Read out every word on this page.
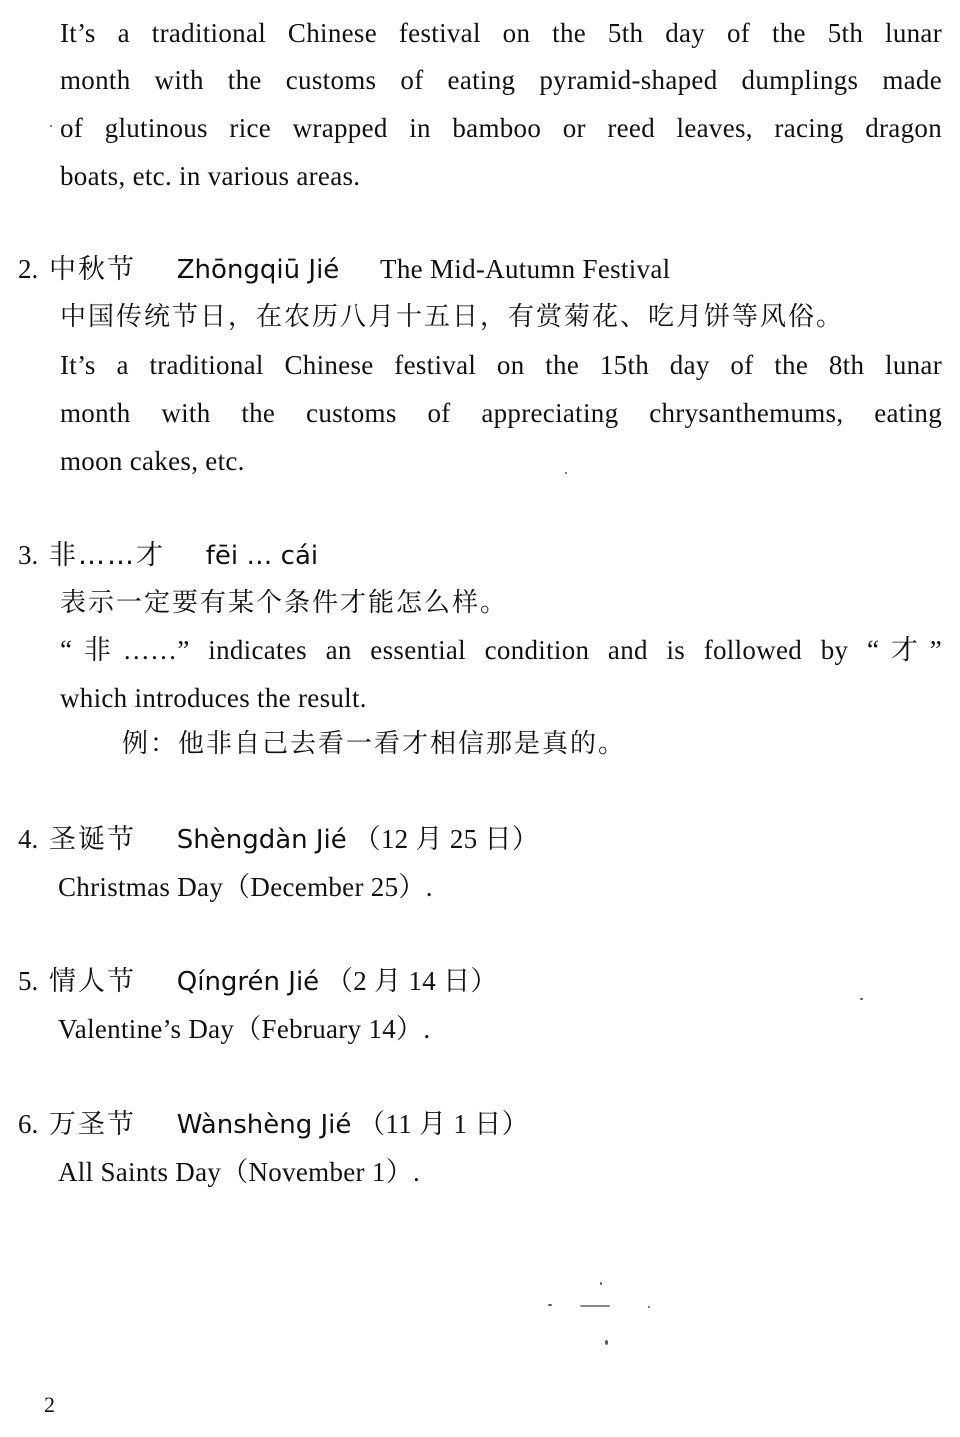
It’s a traditional Chinese festival on the 5th day of the 5th lunar
month with the customs of eating pyramid-shaped dumplings made
of glutinous rice wrapped in bamboo or reed leaves, racing dragon
boats, etc. in various areas.
2. 中秋节 Zhōngqiū Jié The Mid-Autumn Festival
中国传统节日，在农历八月十五日，有赏菊花、吃月饼等风俗。
It’s a traditional Chinese festival on the 15th day of the 8th lunar
month with the customs of appreciating chrysanthemums, eating
moon cakes, etc.
3. 非……才 fēi … cái
表示一定要有某个条件才能怎么样。
“非……” indicates an essential condition and is followed by “才”
which introduces the result.
例：他非自己去看一看才相信那是真的。
4. 圣诞节 Shèngdàn Jié （12 月 25 日）
Christmas Day（December 25）.
5. 情人节 Qíngrén Jié （2 月 14 日）
Valentine’s Day（February 14）.
6. 万圣节 Wànshèng Jié （11 月 1 日）
All Saints Day（November 1）.
2
